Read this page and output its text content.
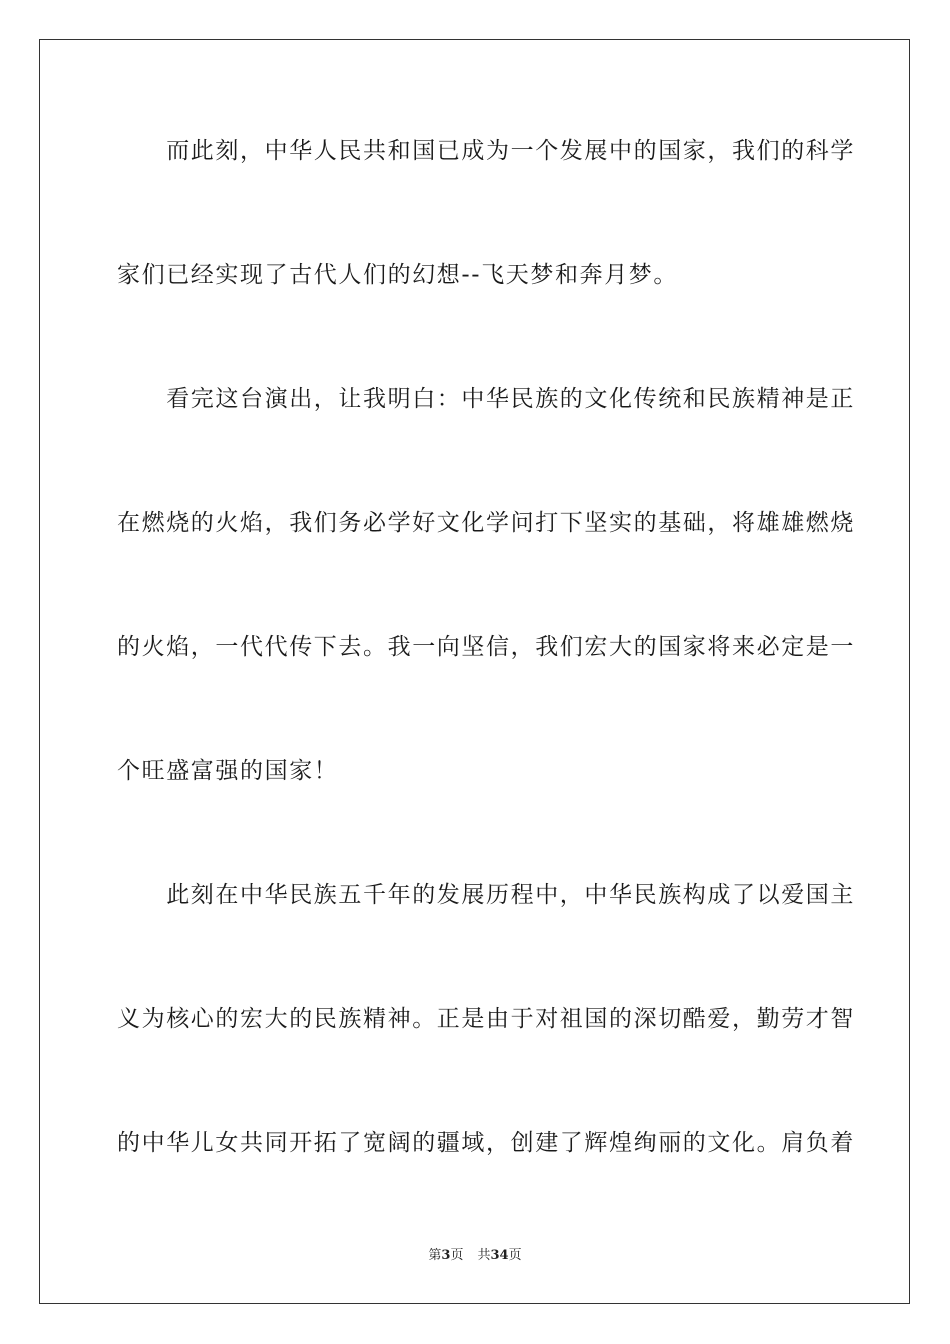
　　而此刻，中华人民共和国已成为一个发展中的国家，我们的科学
家们已经实现了古代人们的幻想--飞天梦和奔月梦。
　　看完这台演出，让我明白：中华民族的文化传统和民族精神是正
在燃烧的火焰，我们务必学好文化学问打下坚实的基础，将雄雄燃烧
的火焰，一代代传下去。我一向坚信，我们宏大的国家将来必定是一
个旺盛富强的国家！
　　此刻在中华民族五千年的发展历程中，中华民族构成了以爱国主
义为核心的宏大的民族精神。正是由于对祖国的深切酷爱，勤劳才智
的中华儿女共同开拓了宽阔的疆域，创建了辉煌绚丽的文化。肩负着
第3页 共34页
